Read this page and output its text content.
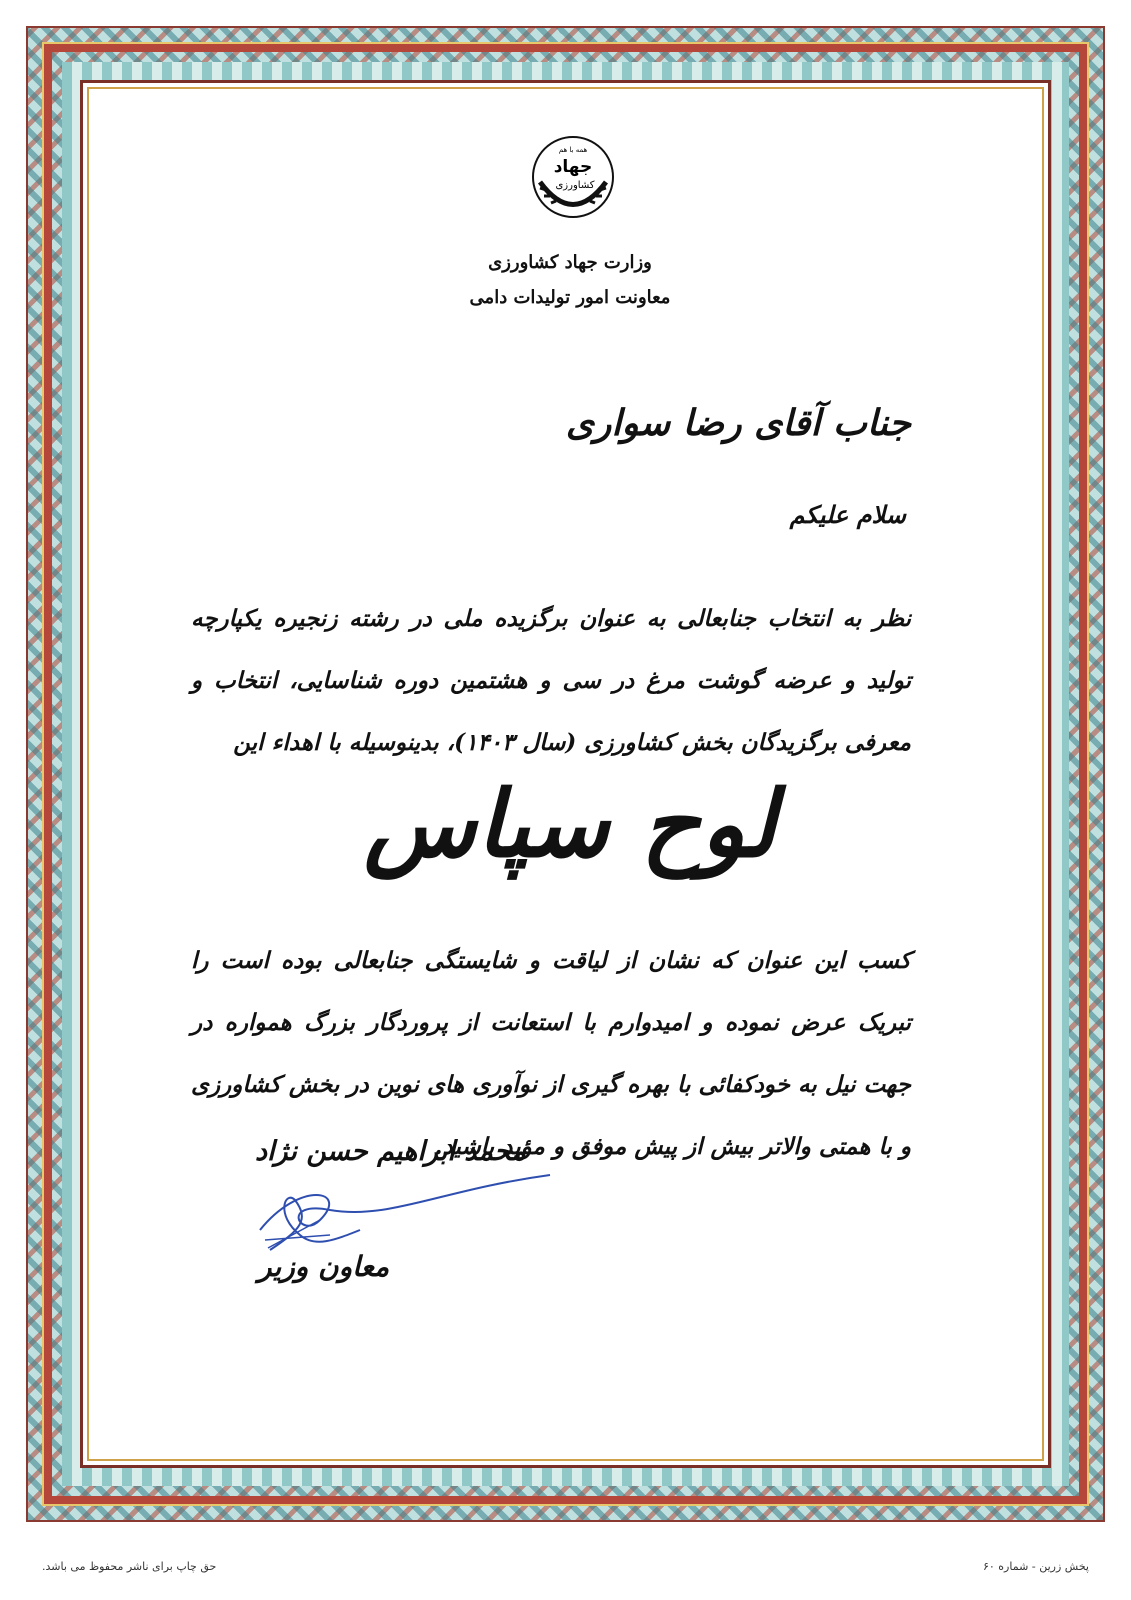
همه با هم
جهاد
کشاورزی
وزارت جهاد کشاورزی
معاونت امور تولیدات دامی
جناب آقای رضا سواری
سلام علیکم
نظر به انتخاب جنابعالی به عنوان برگزیده ملی در رشته زنجیره یکپارچه تولید و عرضه گوشت مرغ در سی و هشتمین دوره شناسایی، انتخاب و معرفی برگزیدگان بخش کشاورزی (سال ۱۴۰۳)، بدینوسیله با اهداء این
لوح سپاس
کسب این عنوان که نشان از لیاقت و شایستگی جنابعالی بوده است را تبریک عرض نموده و امیدوارم با استعانت از پروردگار بزرگ همواره در جهت نیل به خودکفائی با بهره گیری از نوآوری های نوین در بخش کشاورزی و با همتی والاتر بیش از پیش موفق و مؤید باشید.
محمد ابراهیم حسن نژاد
معاون وزیر
حق چاپ برای ناشر محفوظ می باشد.	پخش زرین - شماره ۶۰
